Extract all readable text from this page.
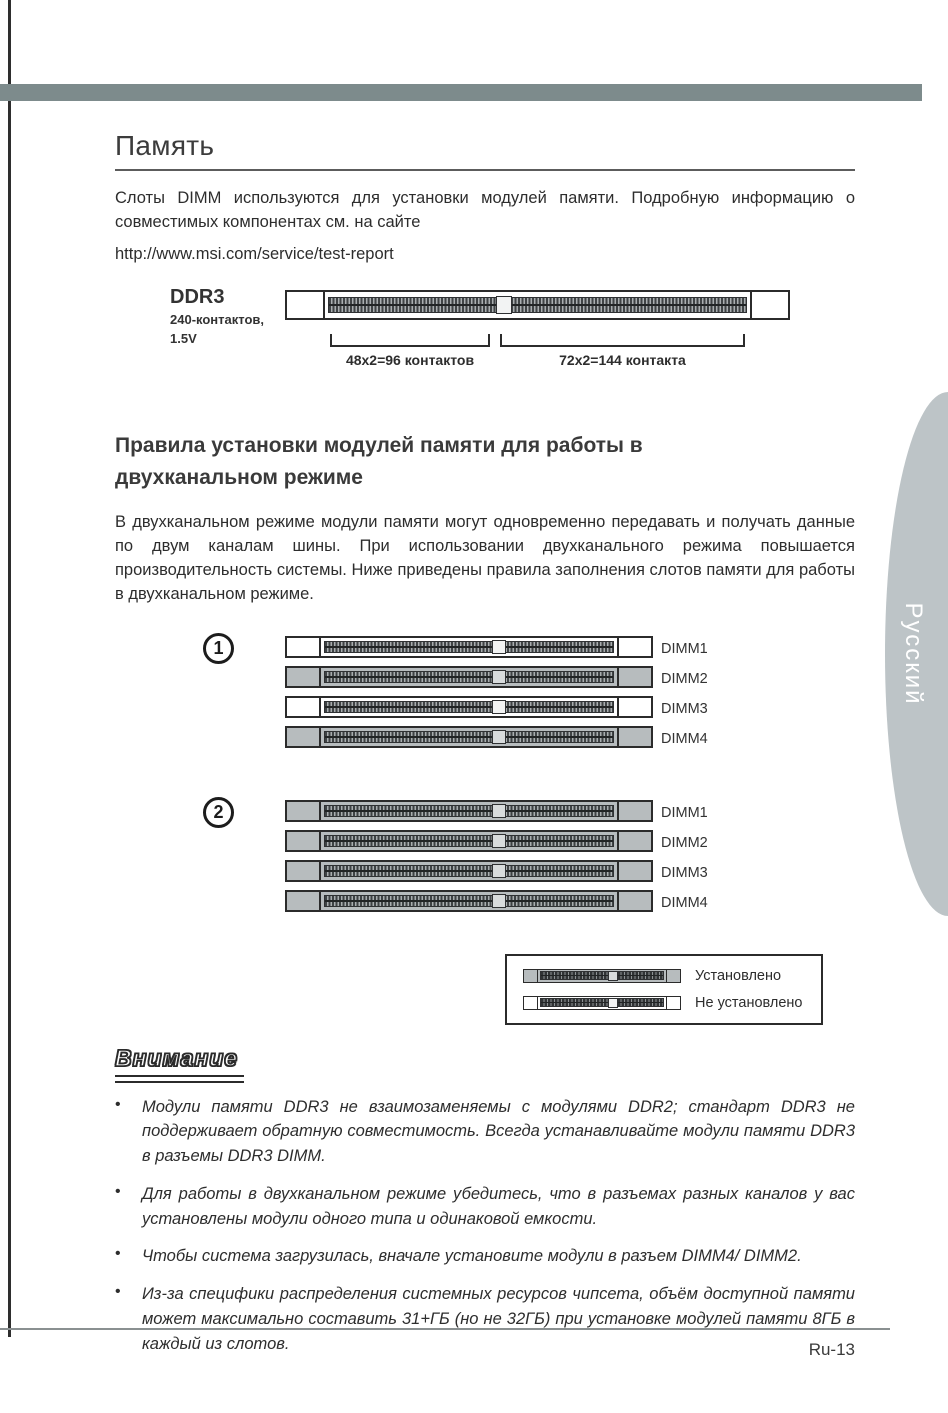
Русский
Память

Слоты DIMM используются для установки модулей памяти. Подробную информацию о совместимых компонентах см. на сайте

http://www.msi.com/service/test-report

DDR3
240-контактов,
1.5V
48x2=96 контактов	72x2=144 контакта
Правила установки модулей памяти для работы в
двухканальном режиме

В двухканальном режиме модули памяти могут одновременно передавать и получать данные по двум каналам шины. При использовании двухканального режима повышается производительность системы. Ниже приведены правила заполнения слотов памяти для работы в двухканальном режиме.

1	DIMM1
DIMM2
DIMM3
DIMM4
2	DIMM1
DIMM2
DIMM3
DIMM4
Установлено
Не установлено
Внимание
•	Модули памяти DDR3 не взаимозаменяемы с модулями DDR2; стандарт DDR3 не поддерживает обратную совместимость. Всегда устанавливайте модули памяти DDR3 в разъемы DDR3 DIMM.

•	Для работы в двухканальном режиме убедитесь, что в разъемах разных каналов у вас установлены модули одного типа и одинаковой емкости.

•	Чтобы система загрузилась, вначале установите модули в разъем DIMM4/ DIMM2.

•	Из-за специфики распределения системных ресурсов чипсета, объём доступной памяти может максимально составить 31+ГБ (но не 32ГБ) при установке модулей памяти 8ГБ в каждый из слотов.	Ru-13
